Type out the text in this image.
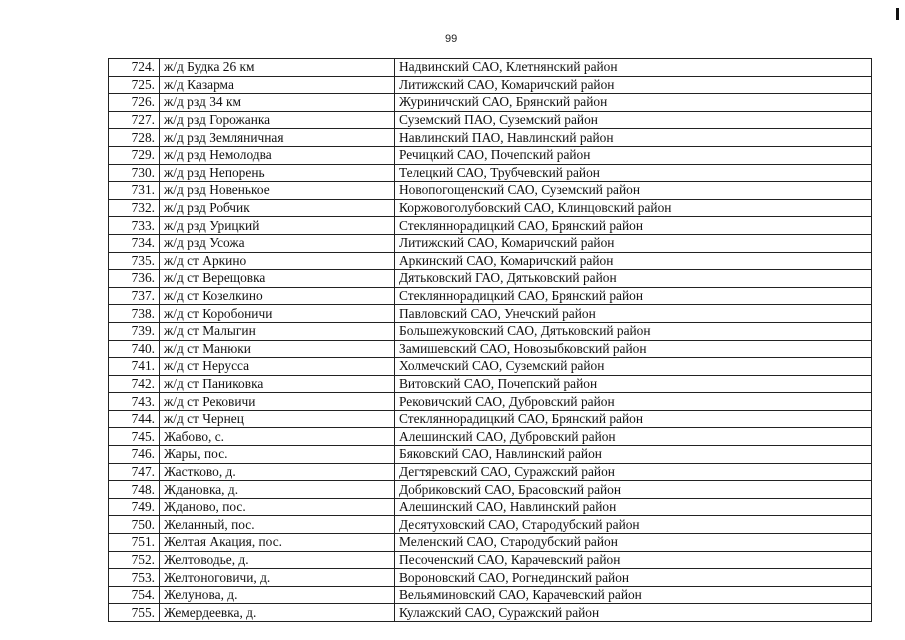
99
724.	ж/д Будка 26 км	Надвинский САО, Клетнянский район
725.	ж/д Казарма	Литижский САО, Комаричский район
726.	ж/д рзд 34 км	Журиничский САО, Брянский район
727.	ж/д рзд Горожанка	Суземский ПАО, Суземский район
728.	ж/д рзд Земляничная	Навлинский ПАО, Навлинский район
729.	ж/д рзд Немолодва	Речицкий САО, Почепский район
730.	ж/д рзд Непорень	Телецкий САО, Трубчевский район
731.	ж/д рзд Новенькое	Новопогощенский САО, Суземский район
732.	ж/д рзд Робчик	Коржовоголубовский САО, Клинцовский район
733.	ж/д рзд Урицкий	Стекляннорадицкий САО, Брянский район
734.	ж/д рзд Усожа	Литижский САО, Комаричский район
735.	ж/д ст Аркино	Аркинский САО, Комаричский район
736.	ж/д ст Верещовка	Дятьковский ГАО, Дятьковский район
737.	ж/д ст Козелкино	Стекляннорадицкий САО, Брянский район
738.	ж/д ст Коробоничи	Павловский САО, Унечский район
739.	ж/д ст Малыгин	Большежуковский САО, Дятьковский район
740.	ж/д ст Манюки	Замишевский САО, Новозыбковский район
741.	ж/д ст Нерусса	Холмечский САО, Суземский район
742.	ж/д ст Паниковка	Витовский САО, Почепский район
743.	ж/д ст Рековичи	Рековичский САО, Дубровский район
744.	ж/д ст Чернец	Стекляннорадицкий САО, Брянский район
745.	Жабово, с.	Алешинский САО, Дубровский район
746.	Жары, пос.	Бяковский САО, Навлинский район
747.	Жастково, д.	Дегтяревский САО, Суражский район
748.	Ждановка, д.	Добриковский САО, Брасовский район
749.	Жданово, пос.	Алешинский САО, Навлинский район
750.	Желанный, пос.	Десятуховский САО, Стародубский район
751.	Желтая Акация, пос.	Меленский САО, Стародубский район
752.	Желтоводье, д.	Песоченский САО, Карачевский район
753.	Желтоноговичи, д.	Вороновский САО, Рогнединский район
754.	Желунова, д.	Вельяминовский САО, Карачевский район
755.	Жемердеевка, д.	Кулажский САО, Суражский район
